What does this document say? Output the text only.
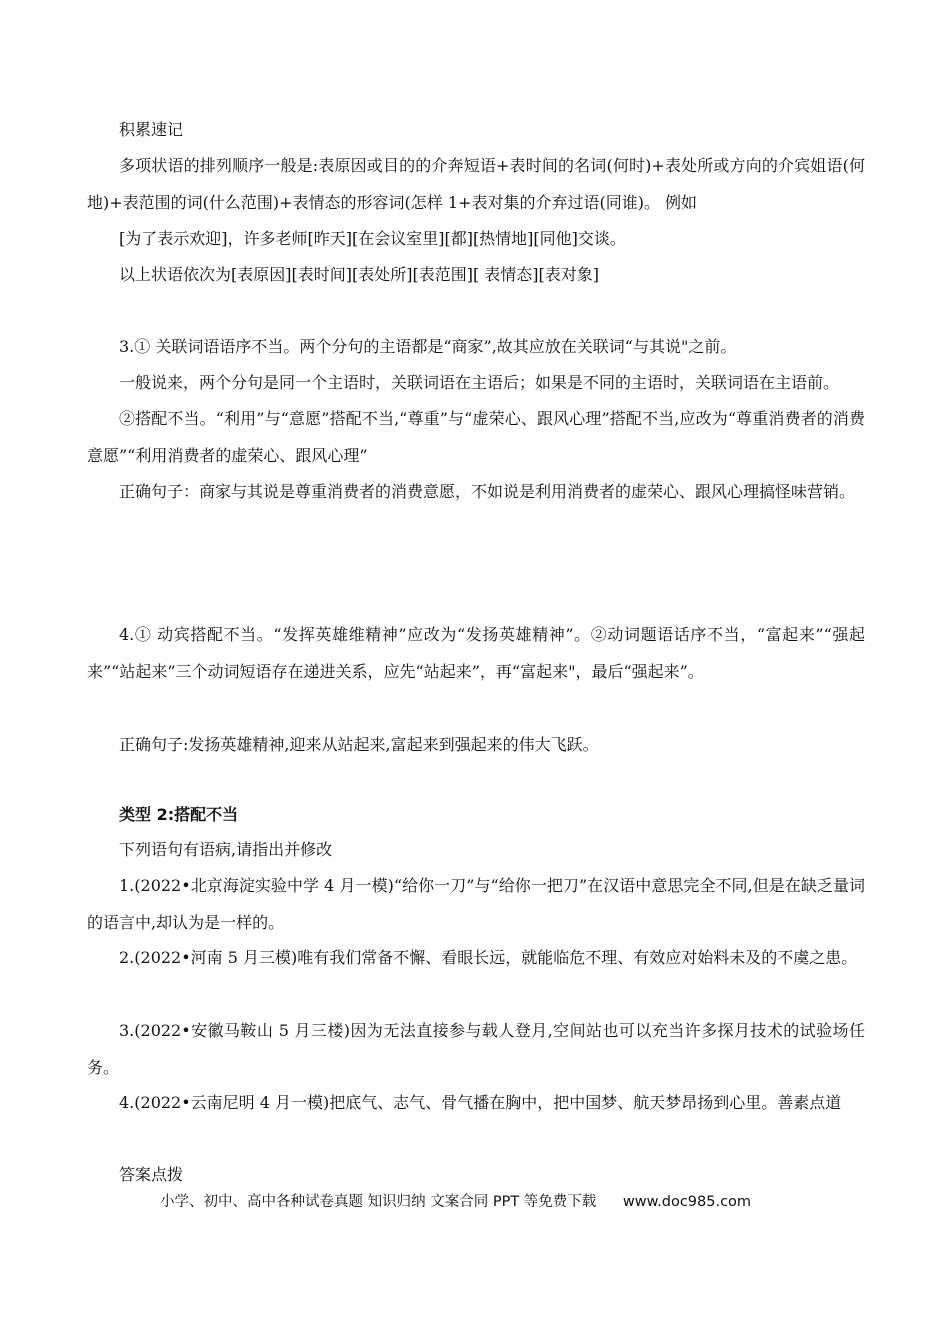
积累速记

多项状语的排列顺序一般是:表原因或目的的介奔短语+表时间的名词(何时)+表处所或方向的介宾姐语(何地)+表范围的词(什么范围)+表情态的形容词(怎样 1+表对集的介弃过语(同谁)。 例如

[为了表示欢迎]，许多老师[昨天][在会议室里][都][热情地][同他]交谈。

以上状语依次为[表原因][表时间][表处所][表范围][ 表情态][表对象]

3.① 关联词语语序不当。两个分句的主语都是“商家”,故其应放在关联词“与其说"之前。

一般说来，两个分句是同一个主语时，关联词语在主语后；如果是不同的主语时，关联词语在主语前。

②搭配不当。“利用”与“意愿”搭配不当,“尊重”与“虚荣心、跟风心理”搭配不当,应改为“尊重消费者的消费意愿”“利用消费者的虚荣心、跟风心理”

正确句子：商家与其说是尊重消费者的消费意愿，不如说是利用消费者的虚荣心、跟风心理搞怪味营销。

4.① 动宾搭配不当。“发挥英雄维精神”应改为“发扬英雄精神”。②动词题语话序不当，“富起来”“强起来”“站起来”三个动词短语存在递进关系，应先“站起来”，再“富起来"，最后“强起来”。

正确句子:发扬英雄精神,迎来从站起来,富起来到强起来的伟大飞跃。

类型 2:搭配不当

下列语句有语病,请指出并修改

1.(2022•北京海淀实验中学 4 月一模)“给你一刀”与“给你一把刀”在汉语中意思完全不同,但是在缺乏量词的语言中,却认为是一样的。

2.(2022•河南 5 月三模)唯有我们常备不懈、看眼长远，就能临危不理、有效应对始料未及的不虞之患。

3.(2022•安徽马鞍山 5 月三楼)因为无法直接参与载人登月,空间站也可以充当许多探月技术的试验场任务。

4.(2022•云南尼明 4 月一模)把底气、志气、骨气播在胸中，把中国梦、航天梦昂扬到心里。善素点道

答案点拨

小学、初中、高中各种试卷真题 知识归纳 文案合同 PPT 等免费下载 www.doc985.com
